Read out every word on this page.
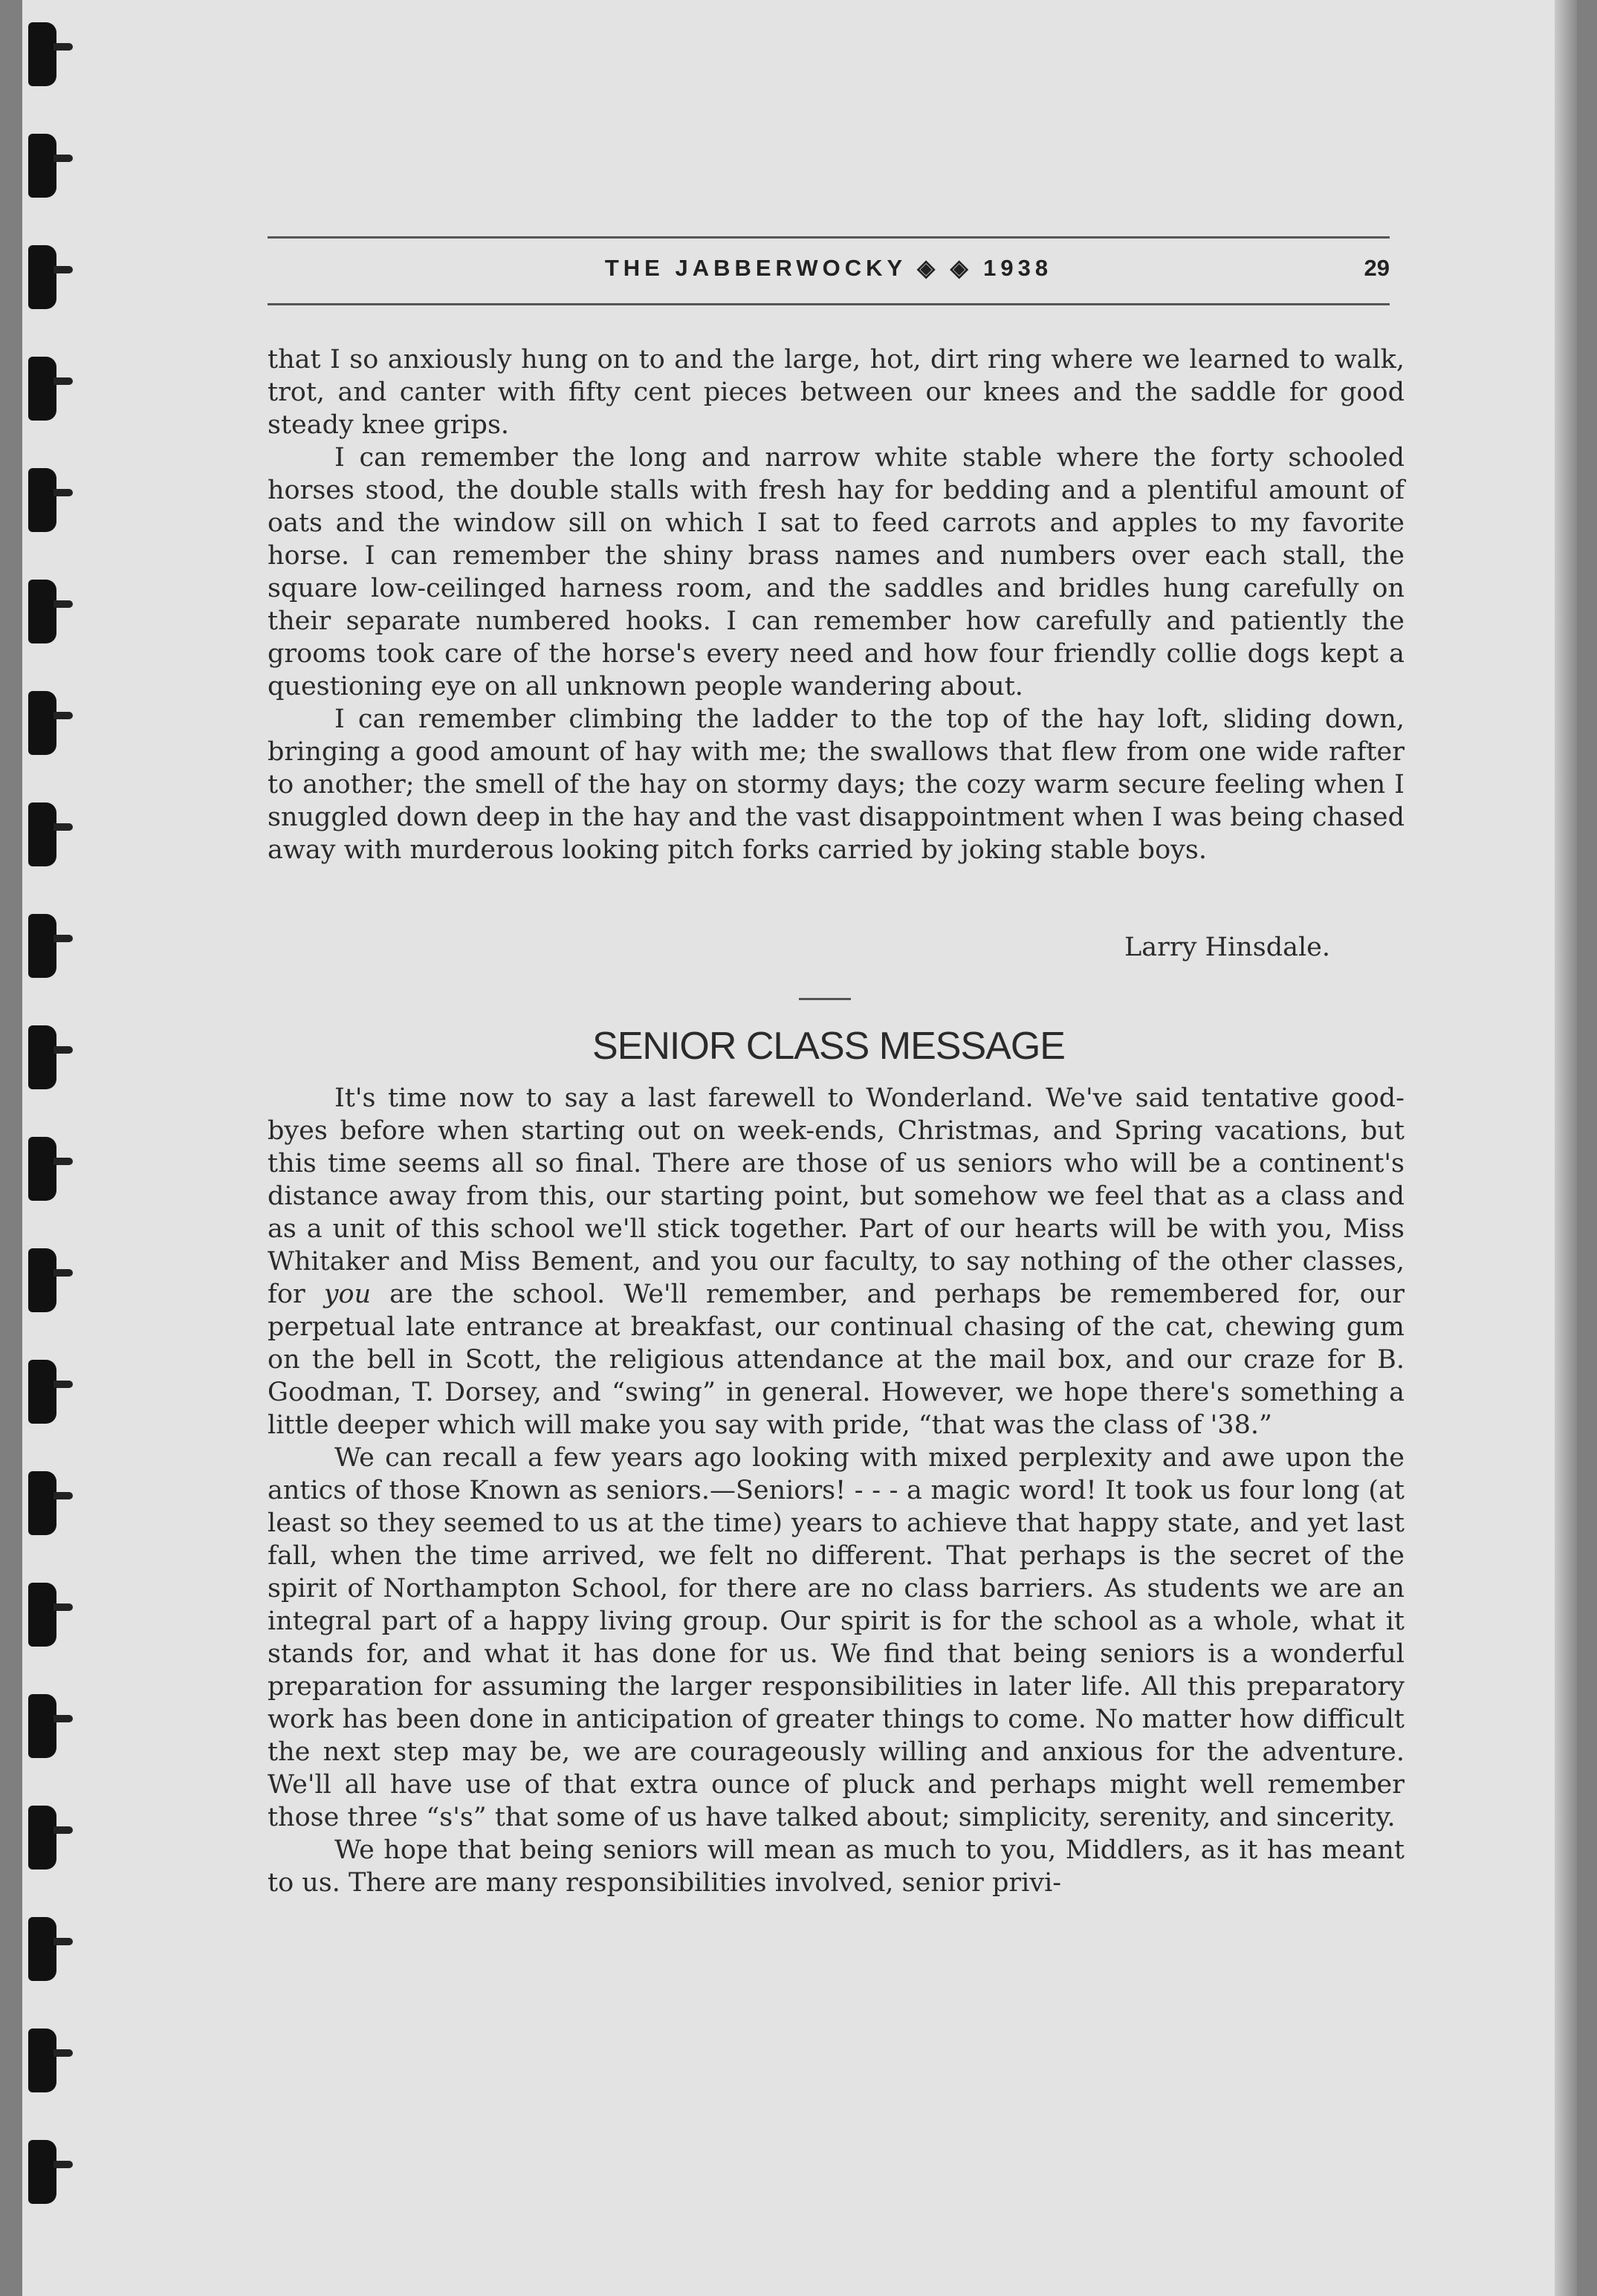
THE JABBERWOCKY ◈ ◈ 1938	29

that I so anxiously hung on to and the large, hot, dirt ring where we learned to walk, trot, and canter with fifty cent pieces between our knees and the saddle for good steady knee grips.

I can remember the long and narrow white stable where the forty schooled horses stood, the double stalls with fresh hay for bedding and a plentiful amount of oats and the window sill on which I sat to feed carrots and apples to my favorite horse. I can remember the shiny brass names and numbers over each stall, the square low-ceilinged harness room, and the saddles and bridles hung carefully on their separate numbered hooks. I can remember how carefully and patiently the grooms took care of the horse's every need and how four friendly collie dogs kept a questioning eye on all unknown people wandering about.

I can remember climbing the ladder to the top of the hay loft, sliding down, bringing a good amount of hay with me; the swallows that flew from one wide rafter to another; the smell of the hay on stormy days; the cozy warm secure feeling when I snuggled down deep in the hay and the vast disappointment when I was being chased away with murderous looking pitch forks carried by joking stable boys.

Larry Hinsdale.
SENIOR CLASS MESSAGE

It's time now to say a last farewell to Wonderland. We've said tentative good-byes before when starting out on week-ends, Christmas, and Spring vacations, but this time seems all so final. There are those of us seniors who will be a continent's distance away from this, our starting point, but somehow we feel that as a class and as a unit of this school we'll stick together. Part of our hearts will be with you, Miss Whitaker and Miss Bement, and you our faculty, to say nothing of the other classes, for you are the school. We'll remember, and perhaps be remembered for, our perpetual late entrance at breakfast, our continual chasing of the cat, chewing gum on the bell in Scott, the religious attendance at the mail box, and our craze for B. Goodman, T. Dorsey, and “swing” in general. However, we hope there's something a little deeper which will make you say with pride, “that was the class of '38.”

We can recall a few years ago looking with mixed perplexity and awe upon the antics of those Known as seniors.—Seniors! - - - a magic word! It took us four long (at least so they seemed to us at the time) years to achieve that happy state, and yet last fall, when the time arrived, we felt no different. That perhaps is the secret of the spirit of Northampton School, for there are no class barriers. As students we are an integral part of a happy living group. Our spirit is for the school as a whole, what it stands for, and what it has done for us. We find that being seniors is a wonderful preparation for assuming the larger responsibilities in later life. All this preparatory work has been done in anticipation of greater things to come. No matter how difficult the next step may be, we are courageously willing and anxious for the adventure. We'll all have use of that extra ounce of pluck and perhaps might well remember those three “s's” that some of us have talked about; simplicity, serenity, and sincerity.

We hope that being seniors will mean as much to you, Middlers, as it has meant to us. There are many responsibilities involved, senior privi-
